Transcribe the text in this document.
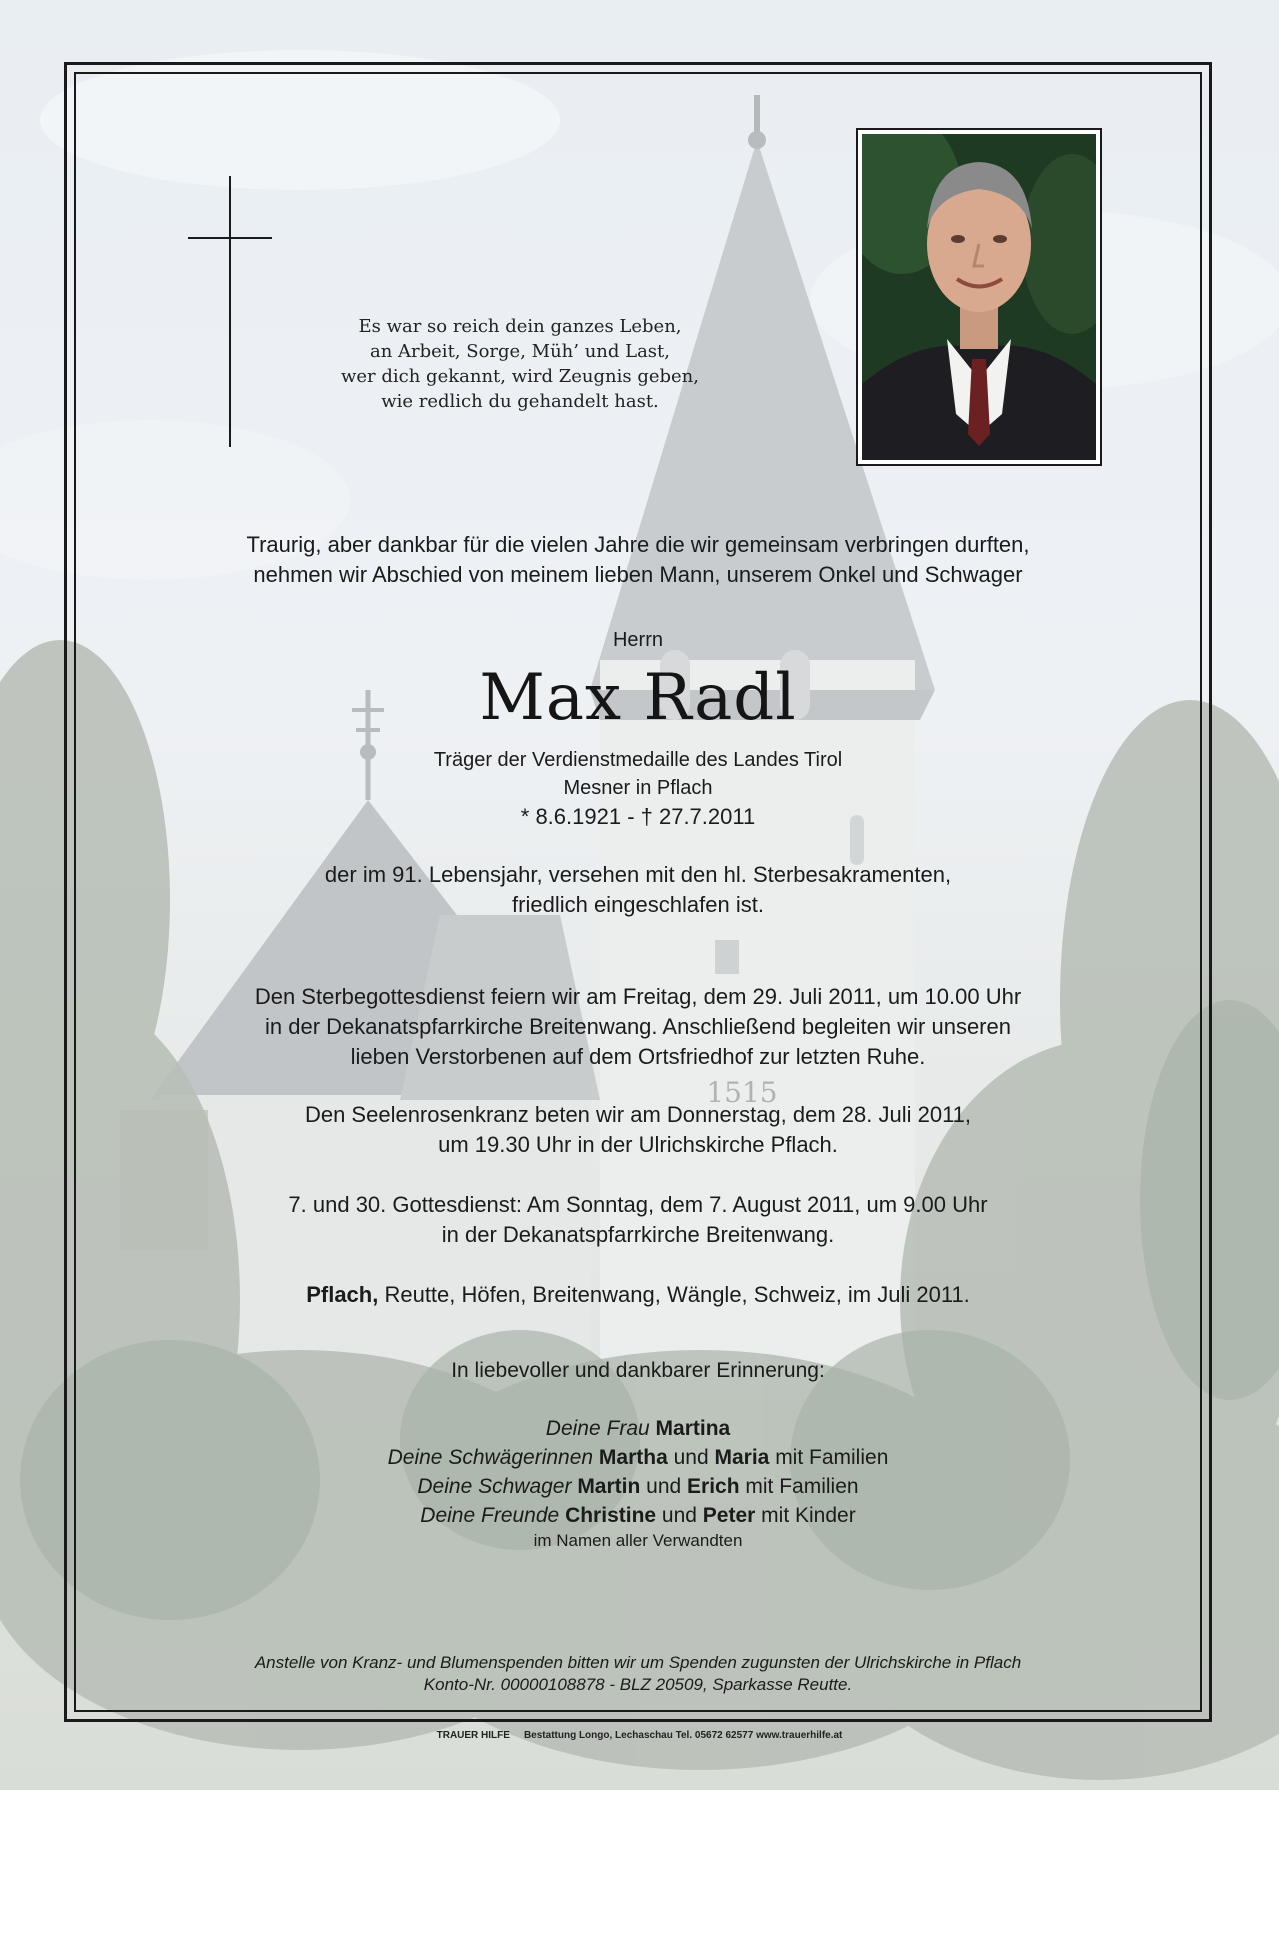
1515
Es war so reich dein ganzes Leben,
an Arbeit, Sorge, Müh’ und Last,
wer dich gekannt, wird Zeugnis geben,
wie redlich du gehandelt hast.
Traurig, aber dankbar für die vielen Jahre die wir gemeinsam verbringen durften,
nehmen wir Abschied von meinem lieben Mann, unserem Onkel und Schwager
Herrn
Max Radl
Träger der Verdienstmedaille des Landes Tirol
Mesner in Pflach
* 8.6.1921 - † 27.7.2011
der im 91. Lebensjahr, versehen mit den hl. Sterbesakramenten,
friedlich eingeschlafen ist.
Den Sterbegottesdienst feiern wir am Freitag, dem 29. Juli 2011, um 10.00 Uhr
in der Dekanatspfarrkirche Breitenwang. Anschließend begleiten wir unseren
lieben Verstorbenen auf dem Ortsfriedhof zur letzten Ruhe.
Den Seelenrosenkranz beten wir am Donnerstag, dem 28. Juli 2011,
um 19.30 Uhr in der Ulrichskirche Pflach.
7. und 30. Gottesdienst: Am Sonntag, dem 7. August 2011, um 9.00 Uhr
in der Dekanatspfarrkirche Breitenwang.
Pflach, Reutte, Höfen, Breitenwang, Wängle, Schweiz, im Juli 2011.
In liebevoller und dankbarer Erinnerung:
Deine Frau Martina
Deine Schwägerinnen Martha und Maria mit Familien
Deine Schwager Martin und Erich mit Familien
Deine Freunde Christine und Peter mit Kinder
im Namen aller Verwandten
Anstelle von Kranz- und Blumenspenden bitten wir um Spenden zugunsten der Ulrichskirche in Pflach
Konto-Nr. 00000108878 - BLZ 20509, Sparkasse Reutte.
TRAUER HILFE Bestattung Longo, Lechaschau Tel. 05672 62577 www.trauerhilfe.at
